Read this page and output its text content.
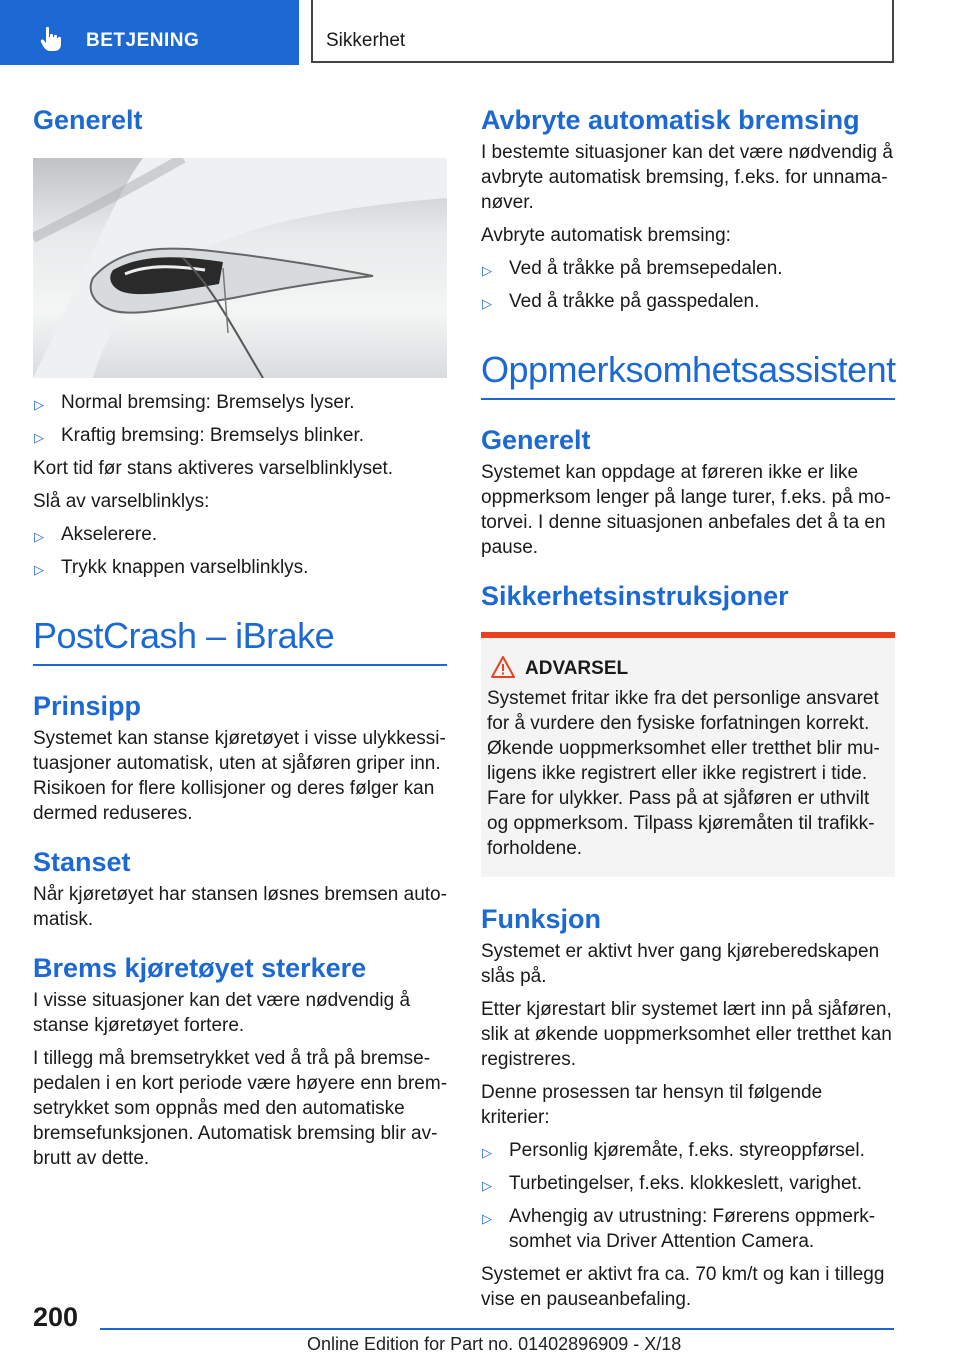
BETJENING	Sikkerhet
Generelt
▷ Normal bremsing: Bremselys lyser.
▷ Kraftig bremsing: Bremselys blinker.
Kort tid før stans aktiveres varselblinklyset.
Slå av varselblinklys:
▷ Akselerere.
▷ Trykk knappen varselblinklys.
PostCrash – iBrake
Prinsipp
Systemet kan stanse kjøretøyet i visse ulykkessituasjoner automatisk, uten at sjåføren griper inn. Risikoen for flere kollisjoner og deres følger kan dermed reduseres.
Stanset
Når kjøretøyet har stansen løsnes bremsen automatisk.
Brems kjøretøyet sterkere
I visse situasjoner kan det være nødvendig å stanse kjøretøyet fortere.
I tillegg må bremsetrykket ved å trå på bremsepedalen i en kort periode være høyere enn bremsetrykket som oppnås med den automatiske bremsefunksjonen. Automatisk bremsing blir avbrutt av dette.
Avbryte automatisk bremsing
I bestemte situasjoner kan det være nødvendig å avbryte automatisk bremsing, f.eks. for unnamanøver.
Avbryte automatisk bremsing:
▷ Ved å tråkke på bremsepedalen.
▷ Ved å tråkke på gasspedalen.
Oppmerksomhetsassistent
Generelt
Systemet kan oppdage at føreren ikke er like oppmerksom lenger på lange turer, f.eks. på motorvei. I denne situasjonen anbefales det å ta en pause.
Sikkerhetsinstruksjoner
ADVARSEL
Systemet fritar ikke fra det personlige ansvaret for å vurdere den fysiske forfatningen korrekt. Økende uoppmerksomhet eller tretthet blir muligens ikke registrert eller ikke registrert i tide. Fare for ulykker. Pass på at sjåføren er uthvilt og oppmerksom. Tilpass kjøremåten til trafikkforholdene.
Funksjon
Systemet er aktivt hver gang kjøreberedskapen slås på.
Etter kjørestart blir systemet lært inn på sjåføren, slik at økende uoppmerksomhet eller tretthet kan registreres.
Denne prosessen tar hensyn til følgende kriterier:
▷ Personlig kjøremåte, f.eks. styreoppførsel.
▷ Turbetingelser, f.eks. klokkeslett, varighet.
▷ Avhengig av utrustning: Førerens oppmerksomhet via Driver Attention Camera.
Systemet er aktivt fra ca. 70 km/t og kan i tillegg vise en pauseanbefaling.
200
Online Edition for Part no. 01402896909 - X/18
